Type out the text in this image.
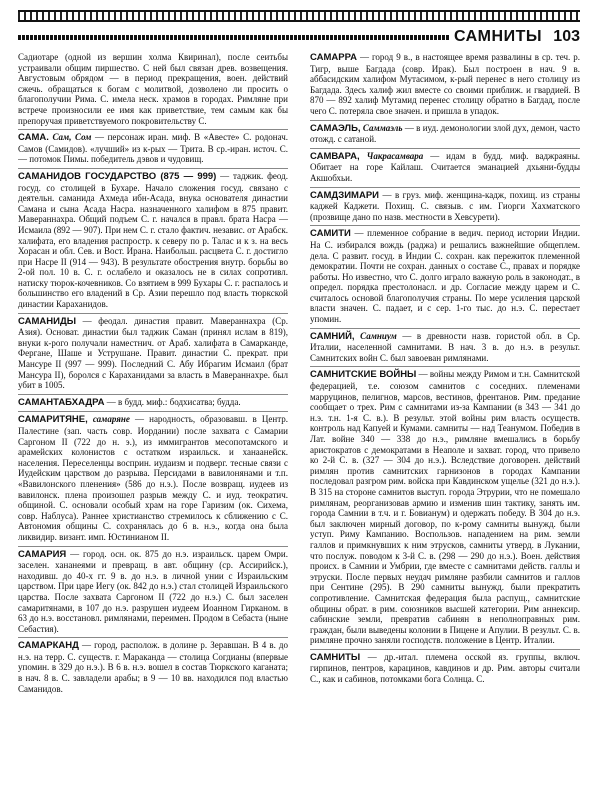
САМНИТЫ 103

Садиотаре (одной из вершин холма Квиринал), после сеитьбы устраивали общим пиршество. С ней был связан древ. возвещения. Августовым обрядом — в период прекращения, воен. действий сжечь. обращаться к богам с молитвой, дозволено ли просить о благополучии Рима. С. имела неск. храмов в городах. Римляне при встрече произносили ее имя как приветствие, тем самым как бы препоручая приветствуемого покровительству С.

САМА. Сам, Сом — персонаж иран. миф. В «Авесте» С. родонач. Самов (Самидов). «лучший» из к-рых — Трита. В ср.-иран. источ. С. — потомок Пимы. победитель дэвов и чудовищ.

САМАНИДОВ ГОСУДАРСТВО (875 — 999) — таджик. феод. госуд. со столицей в Бухаре. Начало сложения госуд. связано с деятельн. саманида Ахмеда ибн-Асада, внука основателя династии Самана и сына Асада Насра. назначенного халифом в 875 правит. Мавераннахра. Общий подъем С. г. начался в правл. брата Насра — Исмаила (892 — 907). При нем С. г. стало фактич. независ. от Арабск. халифата, его владения распростр. к северу по р. Талас и к з. на весь Хорасан и обл. Сев. и Вост. Ирана. Наибольш. расцвета С. г. достигло при Насре II (914 — 943). В результате обострения внутр. борьбы во 2-ой пол. 10 в. С. г. ослабело и оказалось не в силах сопротивл. натиску тюрок-кочевников. Со взятием в 999 Бухары С. г. распалось и большинство его владений в Ср. Азии перешло под власть тюркской династии Караханидов.

САМАНИДЫ — феодал. династия правит. Мавераннахра (Ср. Азия). Основат. династии был таджик Саман (принял ислам в 819), внуки к-рого получали наместнич. от Араб. халифата в Самарканде, Фергане, Шаше и Уструшане. Правит. династии С. прекрат. при Мансуре II (997 — 999). Последний С. Абу Ибрагим Исмаил (брат Мансура II), боролся с Караханидами за власть в Мавераннахре. был убит в 1005.

САМАНТАБХАДРА — в будд. миф.: бодхисатва; будда.

САМАРИТЯНЕ, самаряне — народность, образовавш. в Центр. Палестине (зап. часть совр. Иордании) после захвата с Самарии Саргоном II (722 до н. э.), из иммигрантов месопотамского и арамейских колонистов с остатком израильск. и ханаанейск. населения. Переселенцы восприн. иудаизм и подверг. тесные связи с Иудейским царством до разрыва. Персидами в вавилонянами и т.п. «Вавилонского пленения» (586 до н.э.). После возвращ. иудеев из вавилонск. плена произошел разрыв между С. и иуд. теократич. общиной. С. основали особый храм на горе Гаризим (ок. Сихема, совр. Наблуса). Раннее христианство стремилось к сближению с С. Автономия общины С. сохранялась до 6 в. н.э., когда она была ликвидир. визант. имп. Юстинианом II.

САМАРИЯ — город. осн. ок. 875 до н.э. израильск. царем Омри. заселен. хананеями и превращ. в авт. общину (ср. Ассирийск.), находивш. до 40-х гг. 9 в. до н.э. в личной унии с Израильским царством. При царе Иегу (ок. 842 до н.э.) стал столицей Израильского царства. После захвата Саргоном II (722 до н.э.) С. был заселен самаритянами, в 107 до н.э. разрушен иудеем Иоанном Гирканом. в 63 до н.э. восстановл. римлянами, переимен. Продом в Себаста (ныне Себастия).

САМАРКАНД — город, располож. в долине р. Зеравшан. В 4 в. до н.э. на терр. С. существ. г. Мараканда — столица Согдианы (впервые упомин. в 329 до н.э.). В 6 в. н.э. вошел в состав Тюркского каганата; в нач. 8 в. С. завладели арабы; в 9 — 10 вв. находился под властью Саманидов.

САМАРРА — город 9 в., в настоящее время развалины в ср. теч. р. Тигр, выше Багдада (совр. Ирак). Был построен в нач. 9 в. аббасидским халифом Мутасимом, к-рый перенес в него столицу из Багдада. Здесь халиф жил вместе со своими приближ. и гвардией. В 870 — 892 халиф Мутамид перенес столицу обратно в Багдад, после чего С. потеряла свое значен. и пришла в упадок.

САМАЭЛЬ, Саммаэль — в иуд. демонологии злой дух, демон, часто отожд. с сатаной.

САМВАРА, Чакрасамвара — идам в будд. миф. ваджраяны. Обитает на горе Кайлаш. Считается эманацией дхьяни-будды Акшобхьи.

САМДЗИМАРИ — в груз. миф. женщина-кадж, похищ. из страны каджей Каджети. Похищ. С. связыв. с им. Гиорги Хахматского (прозвище дано по назв. местности в Хевсурети).

САМИТИ — племенное собрание в ведич. период истории Индии. На С. избирался вождь (раджа) и решались важнейшие общеплем. дела. С развит. госуд. в Индии С. сохран. как пережиток племенной демократии. Почти не сохран. данных о составе С., правах и порядке работы. Но известно, что С. долго играло важную роль в законодат., в определ. порядка престолонасл. и др. Согласие между царем и С. считалось основой благополучия страны. По мере усиления царской власти значен. С. падает, и с сер. 1-го тыс. до н.э. С. перестает упомин.

САМНИЙ, Самниум — в древности назв. гористой обл. в Ср. Италии, населенной самнитами. В нач. 3 в. до н.э. в результ. Самнитских войн С. был завоеван римлянами.

САМНИТСКИЕ ВОЙНЫ — войны между Римом и т.н. Самнитской федерацией, т.е. союзом самнитов с соседних. племенами марруцинов, пелигнов, марсов, вестинов, френтанов. Рим. предание сообщает о трех. Рим с самнитами из-за Кампании (в 343 — 341 до н.э. т.н. 1-я С. в.). В результ. этой войны рим власть осуществ. контроль над Капуей и Кумами. самниты — над Теанумом. Победив в Лат. войне 340 — 338 до н.э., римляне вмешались в борьбу аристократов с демократами в Неаполе и захват. город, что привело ко 2-й С. в. (327 — 304 до н.э.). Вследствие договорен. действий римлян против самнитских гарнизонов в городах Кампании последовал разгром рим. войска при Кавдинском ущелье (321 до н.э.). В 315 на стороне самнитов выступ. города Этрурии, что не помешало римлянам, реорганизовав армию и изменив шин тактику, занять им. города Самнии в т.ч. и г. Бовианум) и одержать победу. В 304 до н.э. был заключен мирный договор, по к-рому самниты вынужд. были уступ. Риму Кампанию. Воспользов. нападением на рим. земли галлов и примкнувших к ним этрусков, самниты утверд. в Лукании, что послуж. поводом к 3-й С. в. (298 — 290 до н.э.). Воен. действия происх. в Самнии и Умбрии, где вместе с самнитами действ. галлы и этруски. После первых неудач римляне разбили самнитов и галлов при Сентине (295). В 290 самниты вынужд. были прекратить сопротивление. Самнитская федерация была распущ., самнитские общины обрат. в рим. союзников высшей категории. Рим аннексир. сабинские земли, превратив сабинян в неполноправных рим. граждан, были выведены колонии в Пицене и Апулии. В результ. С. в. римляне прочно заняли господств. положение в Центр. Италии.

САМНИТЫ — др.-итал. племена осской яз. группы, включ. гирпинов, пентров, карацинов, кавдинов и др. Рим. авторы считали С., как и сабинов, потомками бога Солнца. С.
